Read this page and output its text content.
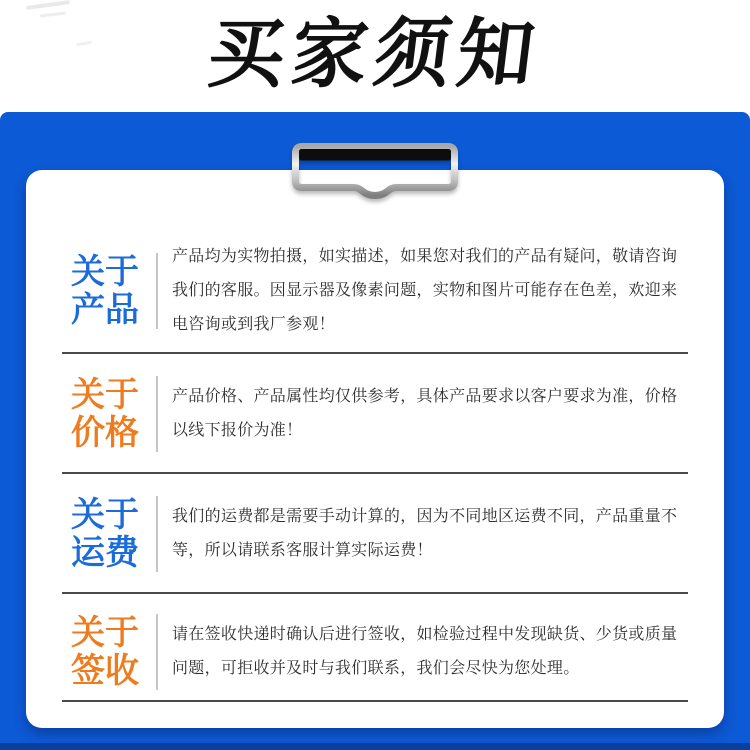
买家须知
关于
产品

产品均为实物拍摄，如实描述，如果您对我们的产品有疑问，敬请咨询我们的客服。因显示器及像素问题，实物和图片可能存在色差，欢迎来电咨询或到我厂参观！

关于
价格

产品价格、产品属性均仅供参考，具体产品要求以客户要求为准，价格以线下报价为准！

关于
运费

我们的运费都是需要手动计算的，因为不同地区运费不同，产品重量不等，所以请联系客服计算实际运费！

关于
签收

请在签收快递时确认后进行签收，如检验过程中发现缺货、少货或质量问题，可拒收并及时与我们联系，我们会尽快为您处理。
